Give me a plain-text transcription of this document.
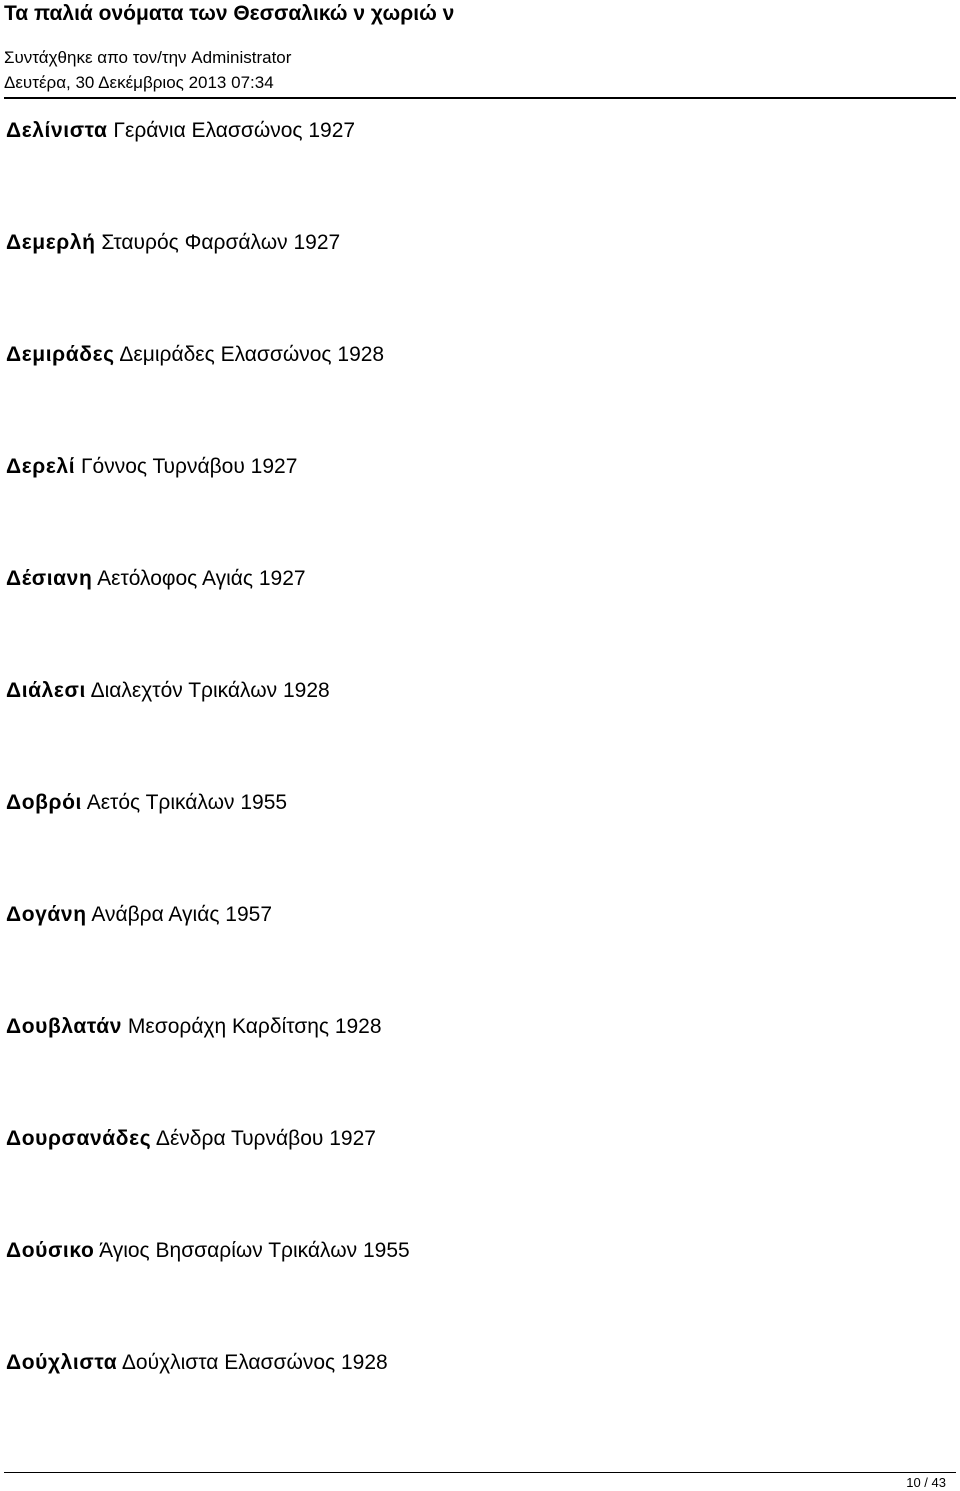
Τα παλιά ονόματα των Θεσσαλικώ ν χωριώ ν
Συντάχθηκε απο τον/την Administrator
Δευτέρα, 30 Δεκέμβριος 2013 07:34
Δελίνιστα Γεράνια Ελασσώνος 1927
Δεμερλή Σταυρός Φαρσάλων 1927
Δεμιράδες Δεμιράδες Ελασσώνος 1928
Δερελί Γόννος Τυρνάβου 1927
Δέσιανη Αετόλοφος Αγιάς 1927
Διάλεσι Διαλεχτόν Τρικάλων 1928
Δοβρόι Αετός Τρικάλων 1955
Δογάνη Ανάβρα Αγιάς 1957
Δουβλατάν Μεσοράχη Καρδίτσης 1928
Δουρσανάδες Δένδρα Τυρνάβου 1927
Δούσικο Άγιος Βησσαρίων Τρικάλων 1955
Δούχλιστα Δούχλιστα Ελασσώνος 1928
10 / 43
